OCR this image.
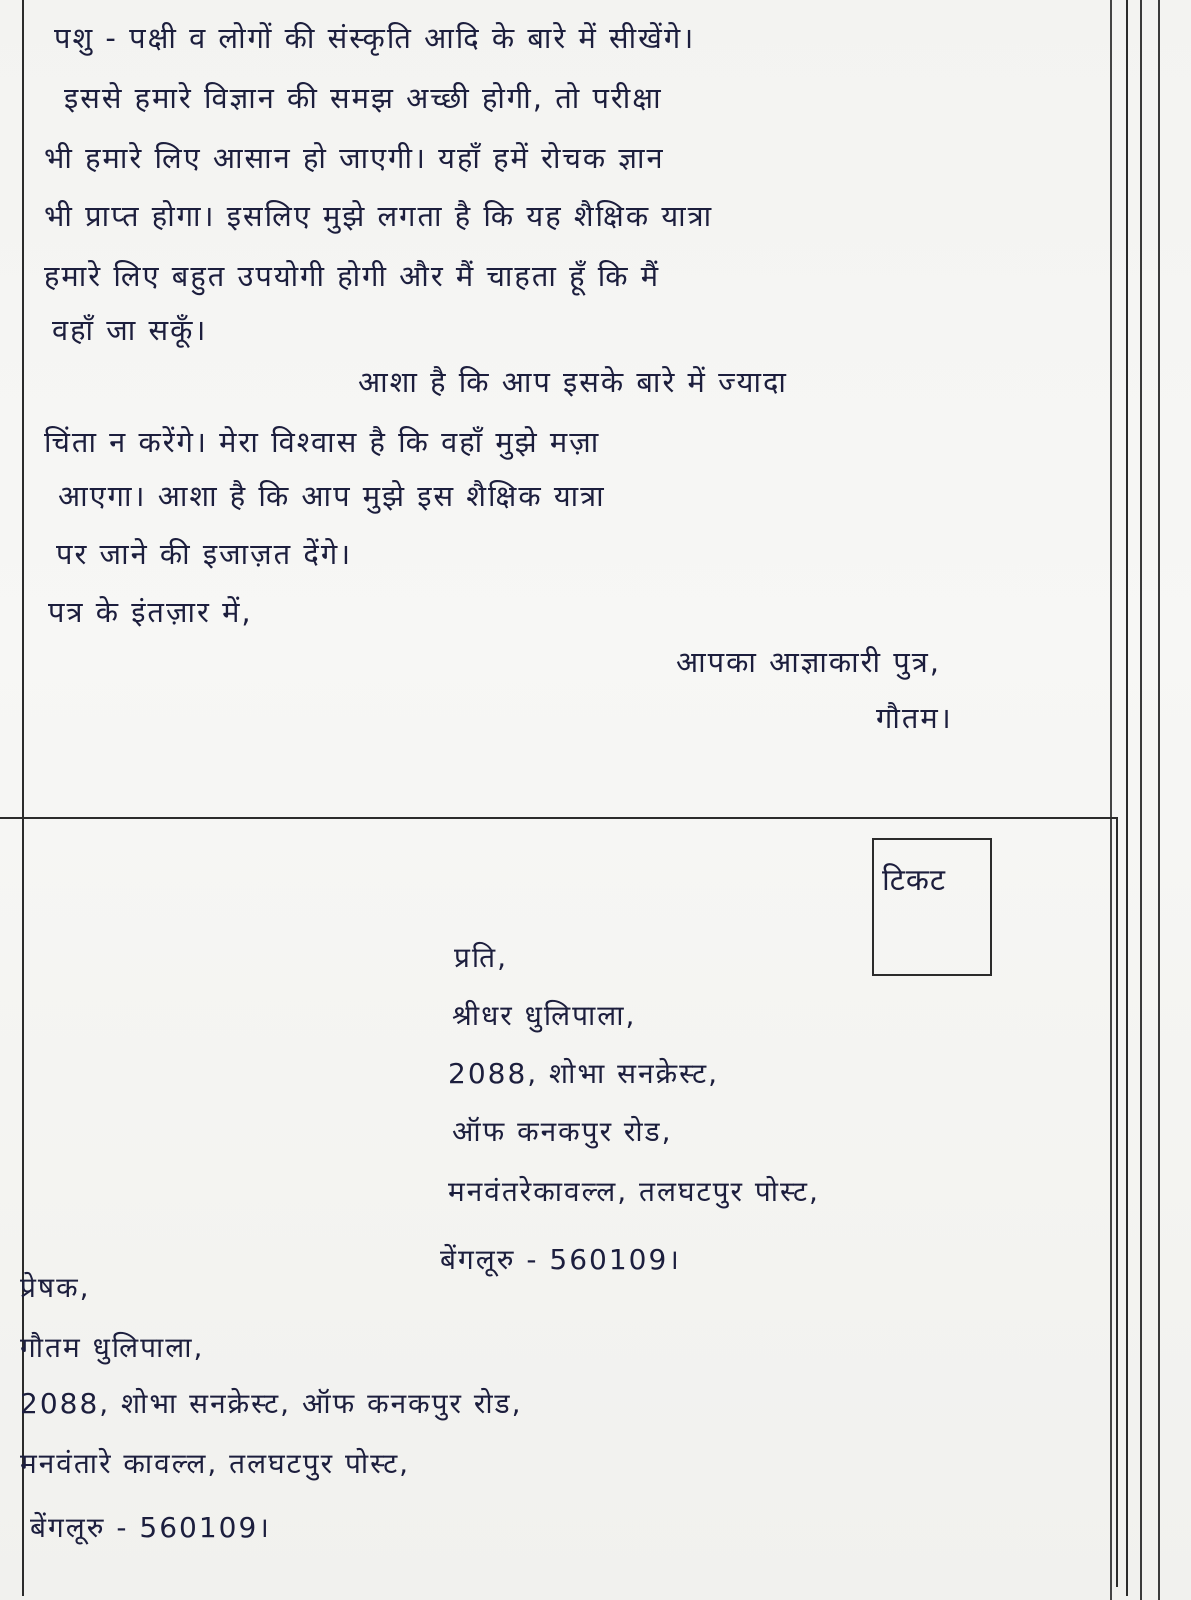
पशु - पक्षी व लोगों की संस्कृति आदि के बारे में सीखेंगे।
इससे हमारे विज्ञान की समझ अच्छी होगी, तो परीक्षा
भी हमारे लिए आसान हो जाएगी। यहाँ हमें रोचक ज्ञान
भी प्राप्त होगा। इसलिए मुझे लगता है कि यह शैक्षिक यात्रा
हमारे लिए बहुत उपयोगी होगी और मैं चाहता हूँ कि मैं
वहाँ जा सकूँ।
आशा है कि आप इसके बारे में ज्यादा
चिंता न करेंगे। मेरा विश्वास है कि वहाँ मुझे मज़ा
आएगा। आशा है कि आप मुझे इस शैक्षिक यात्रा
पर जाने की इजाज़त देंगे।
पत्र के इंतज़ार में,
आपका आज्ञाकारी पुत्र,
गौतम।
टिकट
प्रति,
श्रीधर धुलिपाला,
2088, शोभा सनक्रेस्ट,
ऑफ कनकपुर रोड,
मनवंतरेकावल्ल, तलघटपुर पोस्ट,
बेंगलूरु - 560109।
प्रेषक,
गौतम धुलिपाला,
2088, शोभा सनक्रेस्ट, ऑफ कनकपुर रोड,
मनवंतारे कावल्ल, तलघटपुर पोस्ट,
बेंगलूरु - 560109।
